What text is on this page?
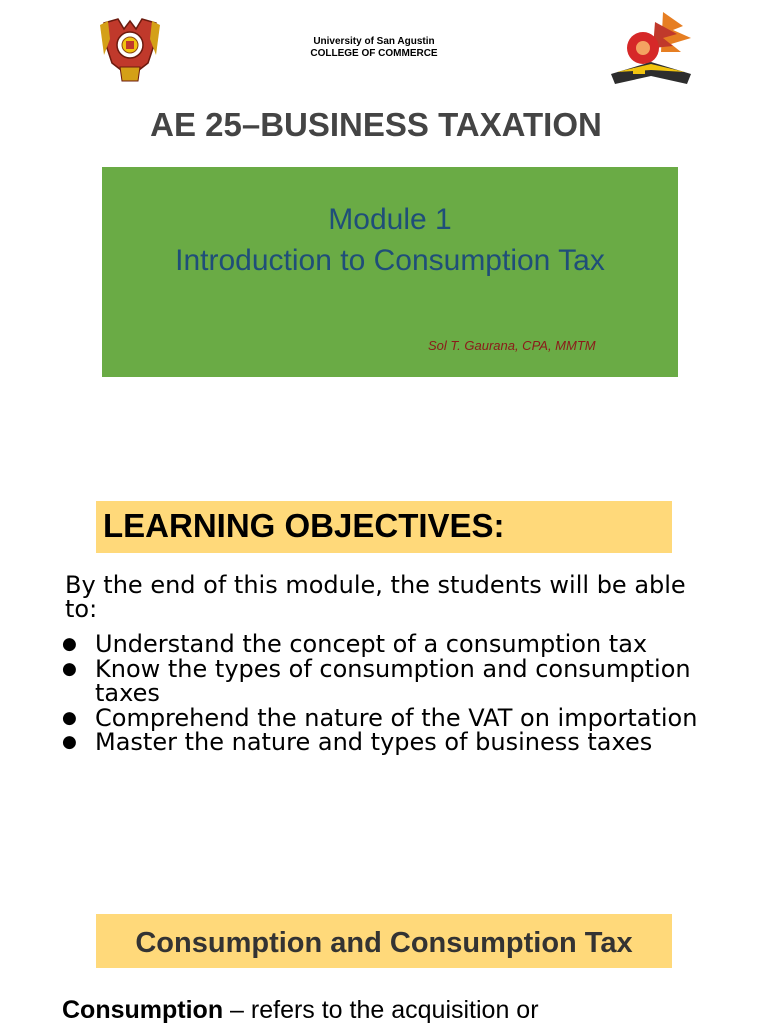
University of San Agustin
COLLEGE OF COMMERCE
AE 25–BUSINESS TAXATION
Module 1
Introduction to Consumption Tax
Sol T. Gaurana, CPA, MMTM
LEARNING OBJECTIVES:
By the end of this module, the students will be able to:
● Understand the concept of a consumption tax
● Know the types of consumption and consumption taxes
● Comprehend the nature of the VAT on importation
● Master the nature and types of business taxes
Consumption and Consumption Tax
Consumption – refers to the acquisition or
